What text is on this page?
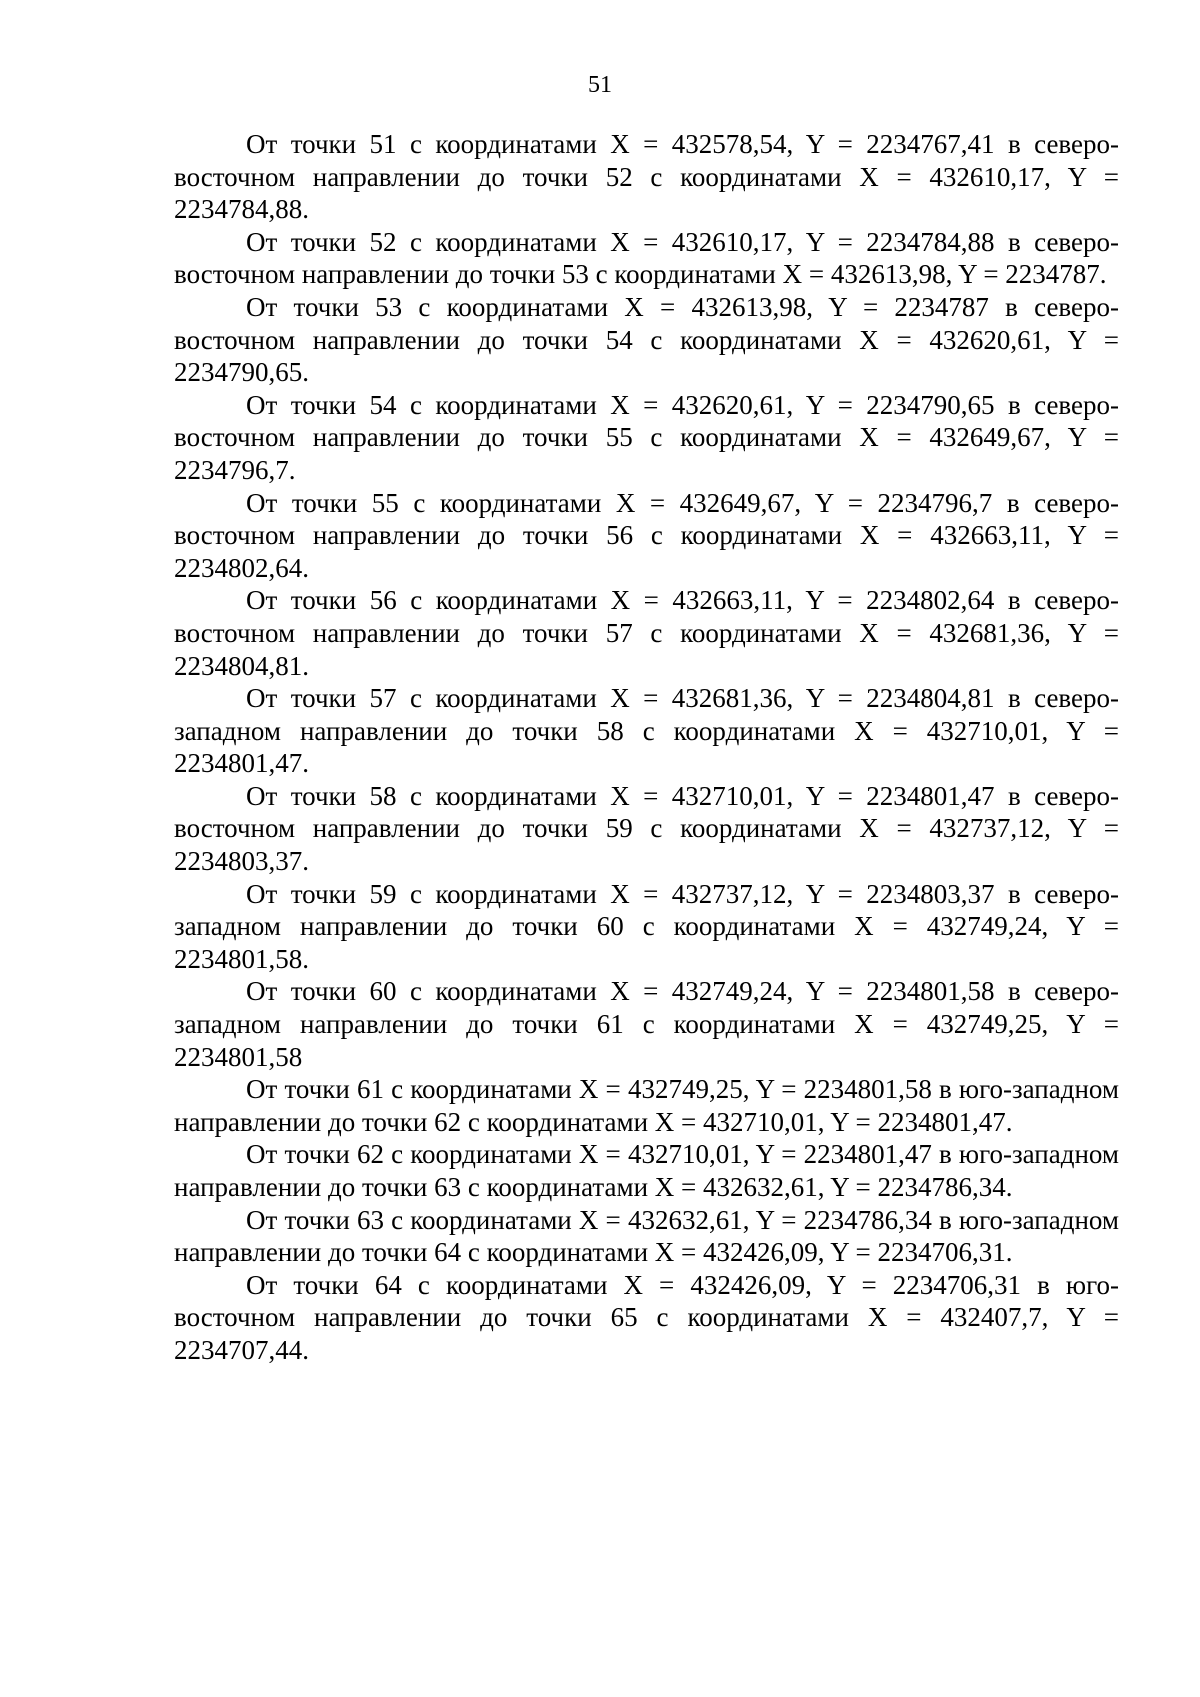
51

От точки 51 с координатами X = 432578,54, Y = 2234767,41 в северо-восточном направлении до точки 52 с координатами X = 432610,17, Y = 2234784,88.

От точки 52 с координатами X = 432610,17, Y = 2234784,88 в северо-восточном направлении до точки 53 с координатами X = 432613,98, Y = 2234787.

От точки 53 с координатами X = 432613,98, Y = 2234787 в северо-восточном направлении до точки 54 с координатами X = 432620,61, Y = 2234790,65.

От точки 54 с координатами X = 432620,61, Y = 2234790,65 в северо-восточном направлении до точки 55 с координатами X = 432649,67, Y = 2234796,7.

От точки 55 с координатами X = 432649,67, Y = 2234796,7 в северо-восточном направлении до точки 56 с координатами X = 432663,11, Y = 2234802,64.

От точки 56 с координатами X = 432663,11, Y = 2234802,64 в северо-восточном направлении до точки 57 с координатами X = 432681,36, Y = 2234804,81.

От точки 57 с координатами X = 432681,36, Y = 2234804,81 в северо-западном направлении до точки 58 с координатами X = 432710,01, Y = 2234801,47.

От точки 58 с координатами X = 432710,01, Y = 2234801,47 в северо-восточном направлении до точки 59 с координатами X = 432737,12, Y = 2234803,37.

От точки 59 с координатами X = 432737,12, Y = 2234803,37 в северо-западном направлении до точки 60 с координатами X = 432749,24, Y = 2234801,58.

От точки 60 с координатами X = 432749,24, Y = 2234801,58 в северо-западном направлении до точки 61 с координатами X = 432749,25, Y = 2234801,58

От точки 61 с координатами X = 432749,25, Y = 2234801,58 в юго-западном направлении до точки 62 с координатами X = 432710,01, Y = 2234801,47.

От точки 62 с координатами X = 432710,01, Y = 2234801,47 в юго-западном направлении до точки 63 с координатами X = 432632,61, Y = 2234786,34.

От точки 63 с координатами X = 432632,61, Y = 2234786,34 в юго-западном направлении до точки 64 с координатами X = 432426,09, Y = 2234706,31.

От точки 64 с координатами X = 432426,09, Y = 2234706,31 в юго-восточном направлении до точки 65 с координатами X = 432407,7, Y = 2234707,44.
